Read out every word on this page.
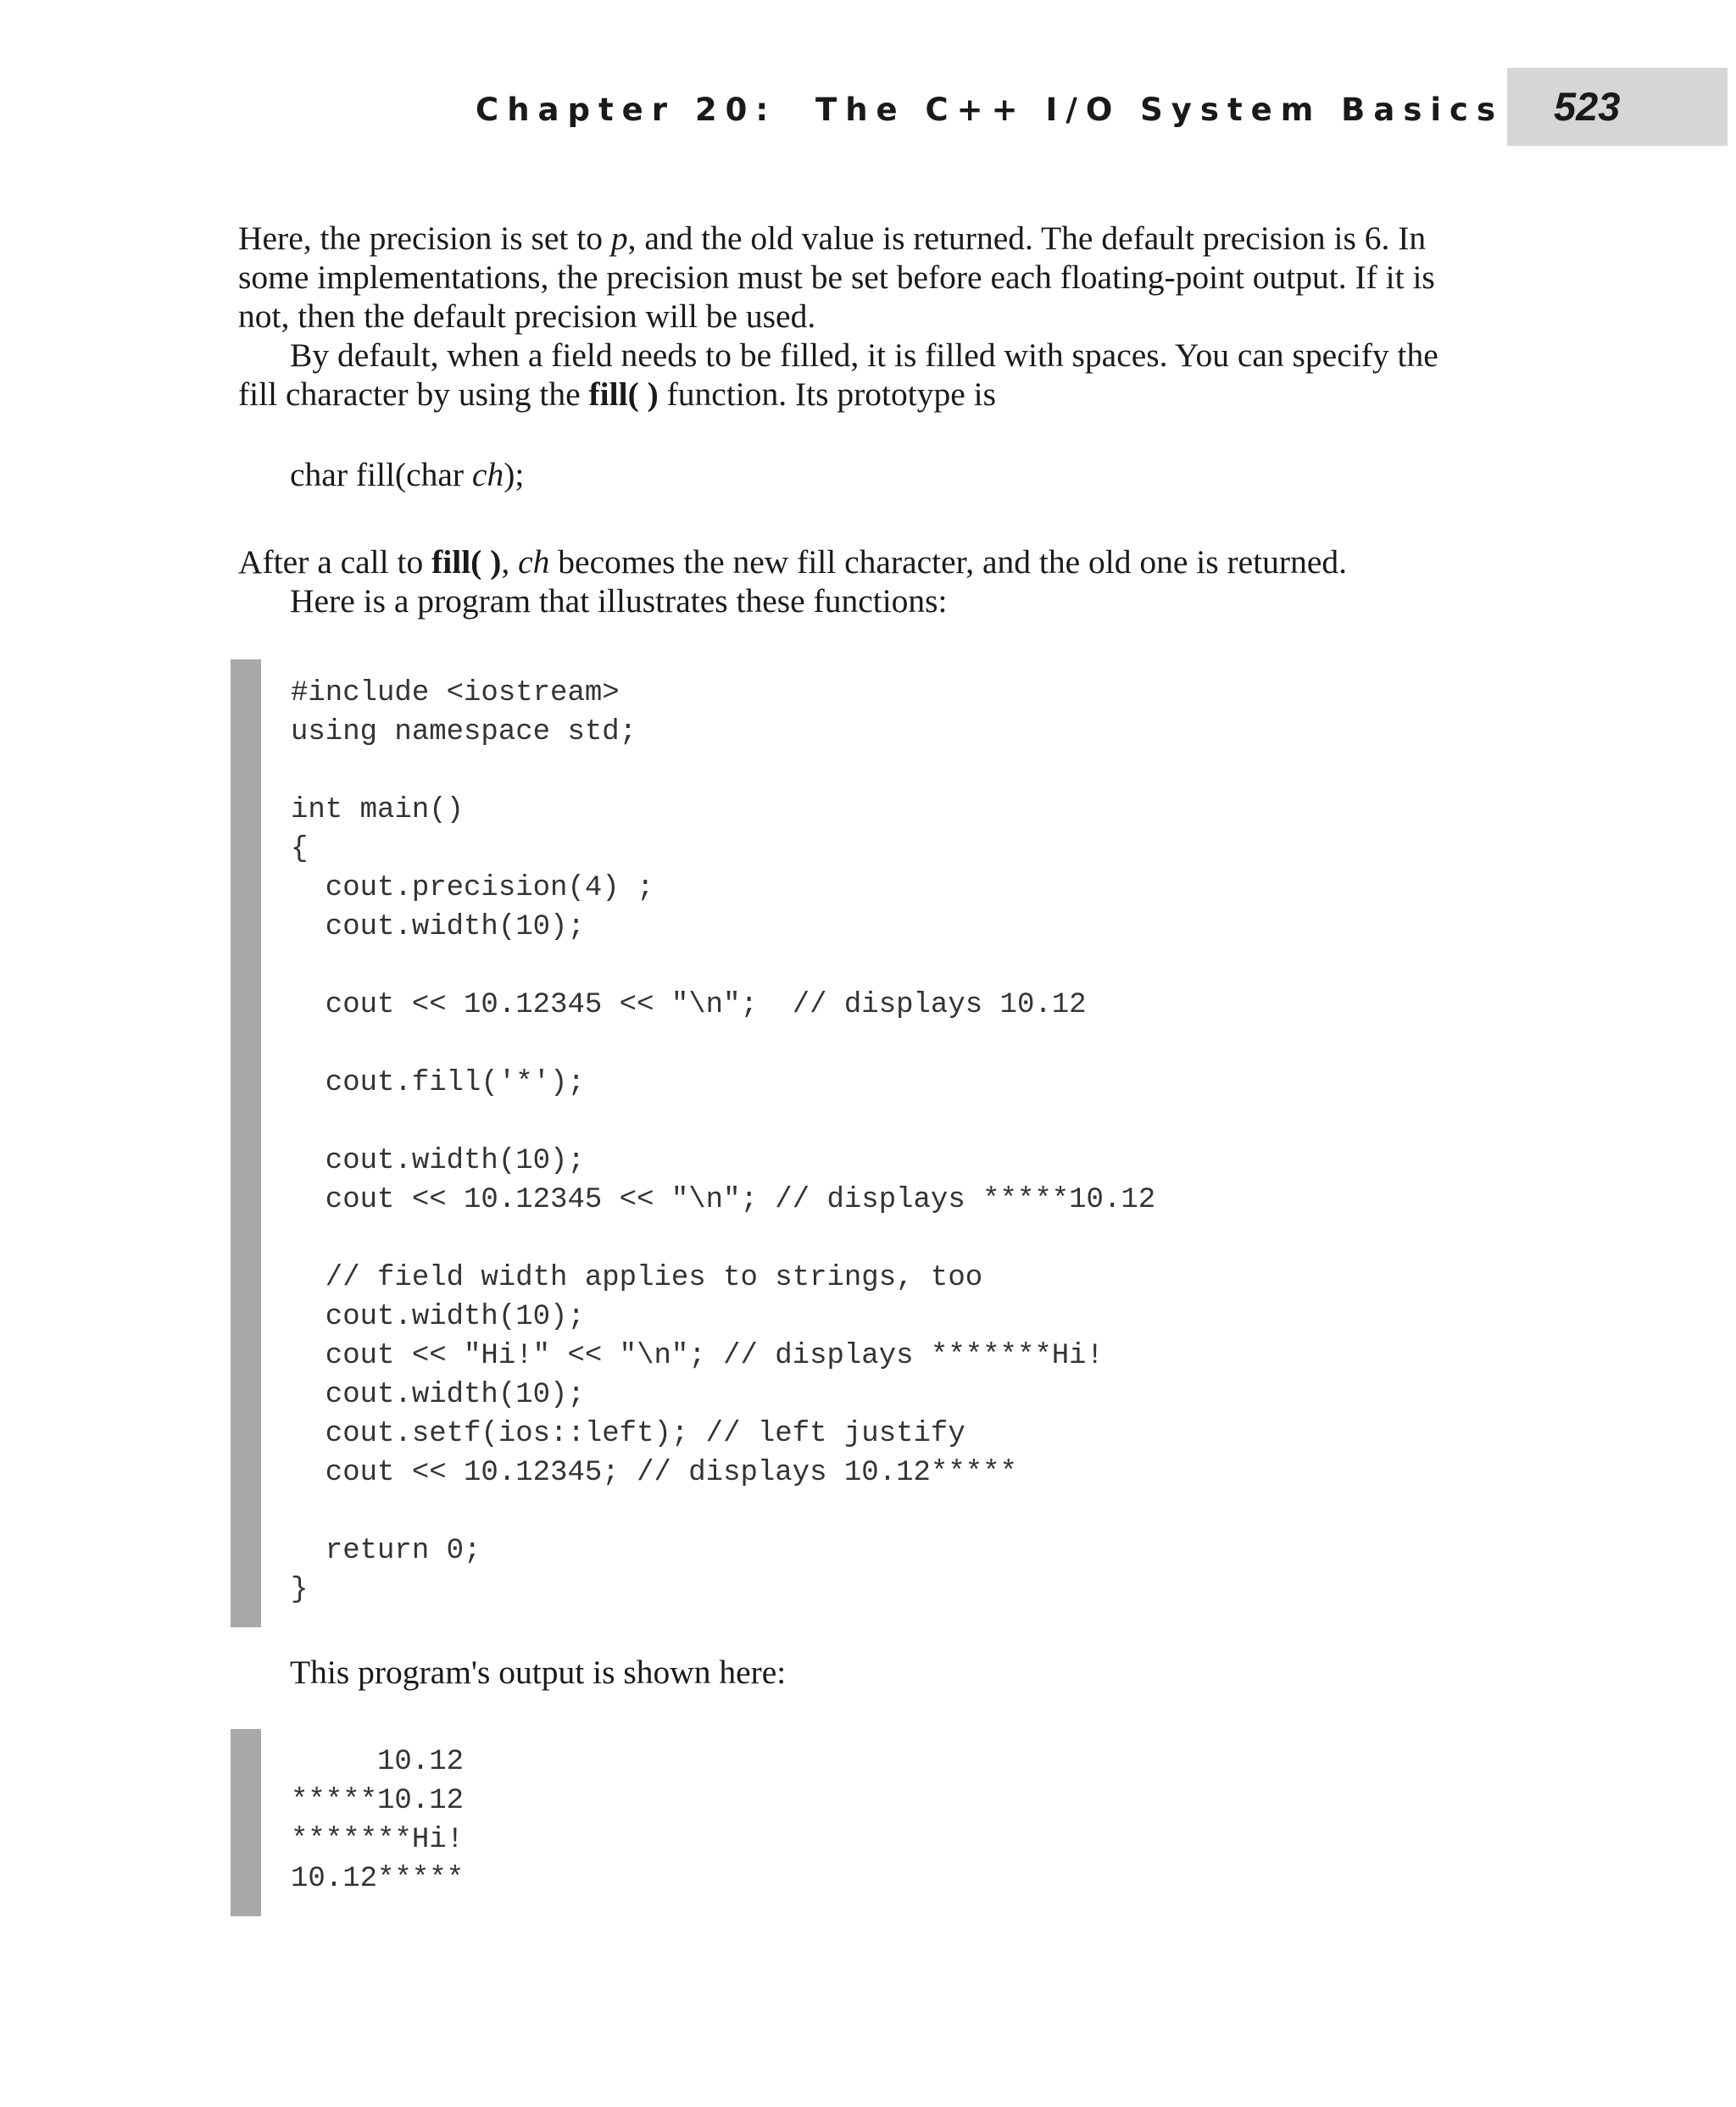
Chapter 20:  The C++ I/O System Basics 523

Here, the precision is set to p, and the old value is returned. The default precision is 6. In some implementations, the precision must be set before each floating-point output. If it is not, then the default precision will be used.

By default, when a field needs to be filled, it is filled with spaces. You can specify the fill character by using the fill( ) function. Its prototype is

char fill(char ch);

After a call to fill( ), ch becomes the new fill character, and the old one is returned.

Here is a program that illustrates these functions:

#include <iostream>
using namespace std;

int main()
{
cout.precision(4) ;
cout.width(10);

cout << 10.12345 << "\n";  // displays 10.12

cout.fill('*');

cout.width(10);
cout << 10.12345 << "\n"; // displays *****10.12

// field width applies to strings, too
cout.width(10);
cout << "Hi!" << "\n"; // displays *******Hi!
cout.width(10);
cout.setf(ios::left); // left justify
cout << 10.12345; // displays 10.12*****

return 0;
}

This program's output is shown here:

10.12
*****10.12
*******Hi!
10.12*****
